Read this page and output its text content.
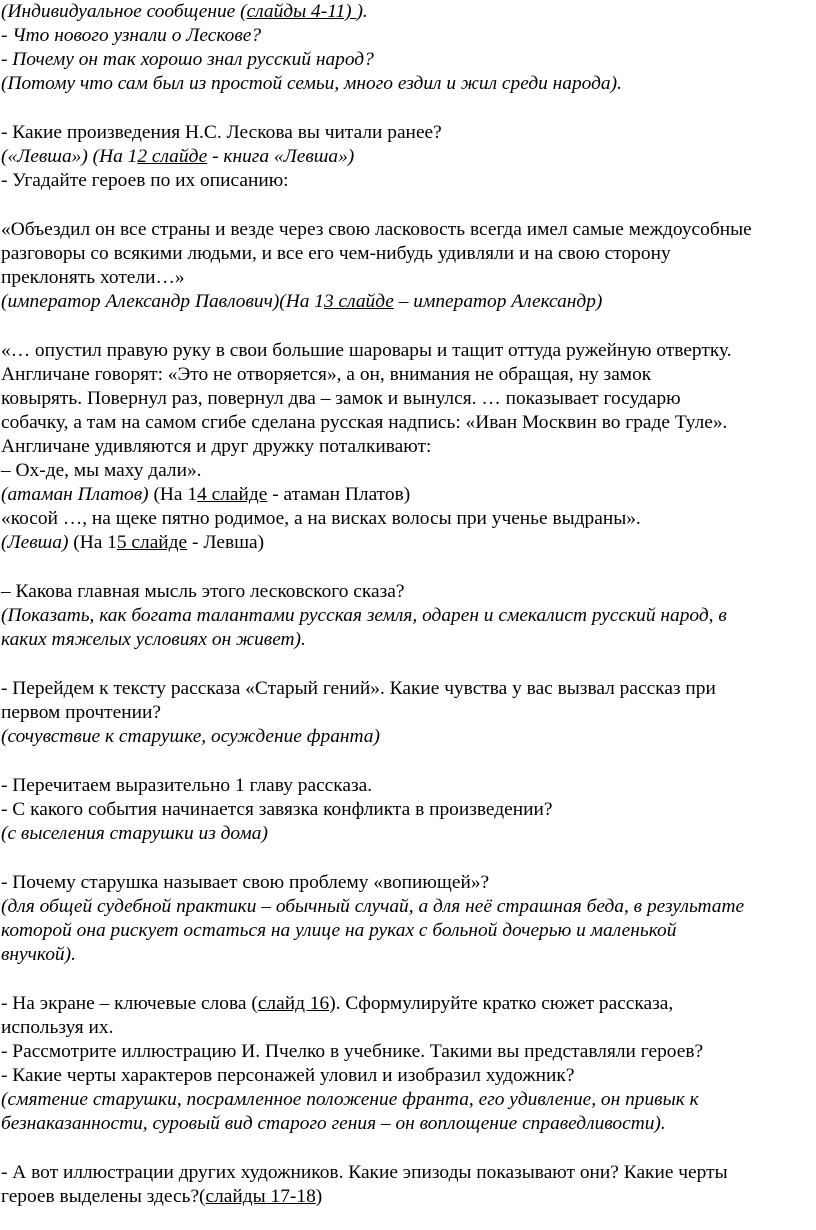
(Индивидуальное сообщение (слайды 4-11) ).
- Что нового узнали о Лескове?
- Почему он так хорошо знал русский народ?
(Потому что сам был из простой семьи, много ездил и жил среди народа).
- Какие произведения Н.С. Лескова вы читали ранее?
(«Левша») (На 12 слайде - книга «Левша»)
- Угадайте героев по их описанию:
«Объездил он все страны и везде через свою ласковость всегда имел самые междоусобные
разговоры со всякими людьми, и все его чем-нибудь удивляли и на свою сторону
преклонять хотели…»
(император Александр Павлович)(На 13 слайде – император Александр)
«… опустил правую руку в свои большие шаровары и тащит оттуда ружейную отвертку.
Англичане говорят: «Это не отворяется», а он, внимания не обращая, ну замок
ковырять. Повернул раз, повернул два – замок и вынулся. … показывает государю
собачку, а там на самом сгибе сделана русская надпись: «Иван Москвин во граде Туле».
Англичане удивляются и друг дружку поталкивают:
– Ох-де, мы маху дали».
(атаман Платов) (На 14 слайде - атаман Платов)
«косой …, на щеке пятно родимое, а на висках волосы при ученье выдраны».
(Левша) (На 15 слайде - Левша)
– Какова главная мысль этого лесковского сказа?
(Показать, как богата талантами русская земля, одарен и смекалист русский народ, в
каких тяжелых условиях он живет).
- Перейдем к тексту рассказа «Старый гений». Какие чувства у вас вызвал рассказ при
первом прочтении?
(сочувствие к старушке, осуждение франта)
- Перечитаем выразительно 1 главу рассказа.
- С какого события начинается завязка конфликта в произведении?
(с выселения старушки из дома)
- Почему старушка называет свою проблему «вопиющей»?
(для общей судебной практики – обычный случай, а для неё страшная беда, в результате
которой она рискует остаться на улице на руках с больной дочерью и маленькой
внучкой).
- На экране – ключевые слова (слайд 16). Сформулируйте кратко сюжет рассказа,
используя их.
- Рассмотрите иллюстрацию И. Пчелко в учебнике. Такими вы представляли героев?
- Какие черты характеров персонажей уловил и изобразил художник?
(смятение старушки, посрамленное положение франта, его удивление, он привык к
безнаказанности, суровый вид старого гения – он воплощение справедливости).
- А вот иллюстрации других художников. Какие эпизоды показывают они? Какие черты
героев выделены здесь?(слайды 17-18)
